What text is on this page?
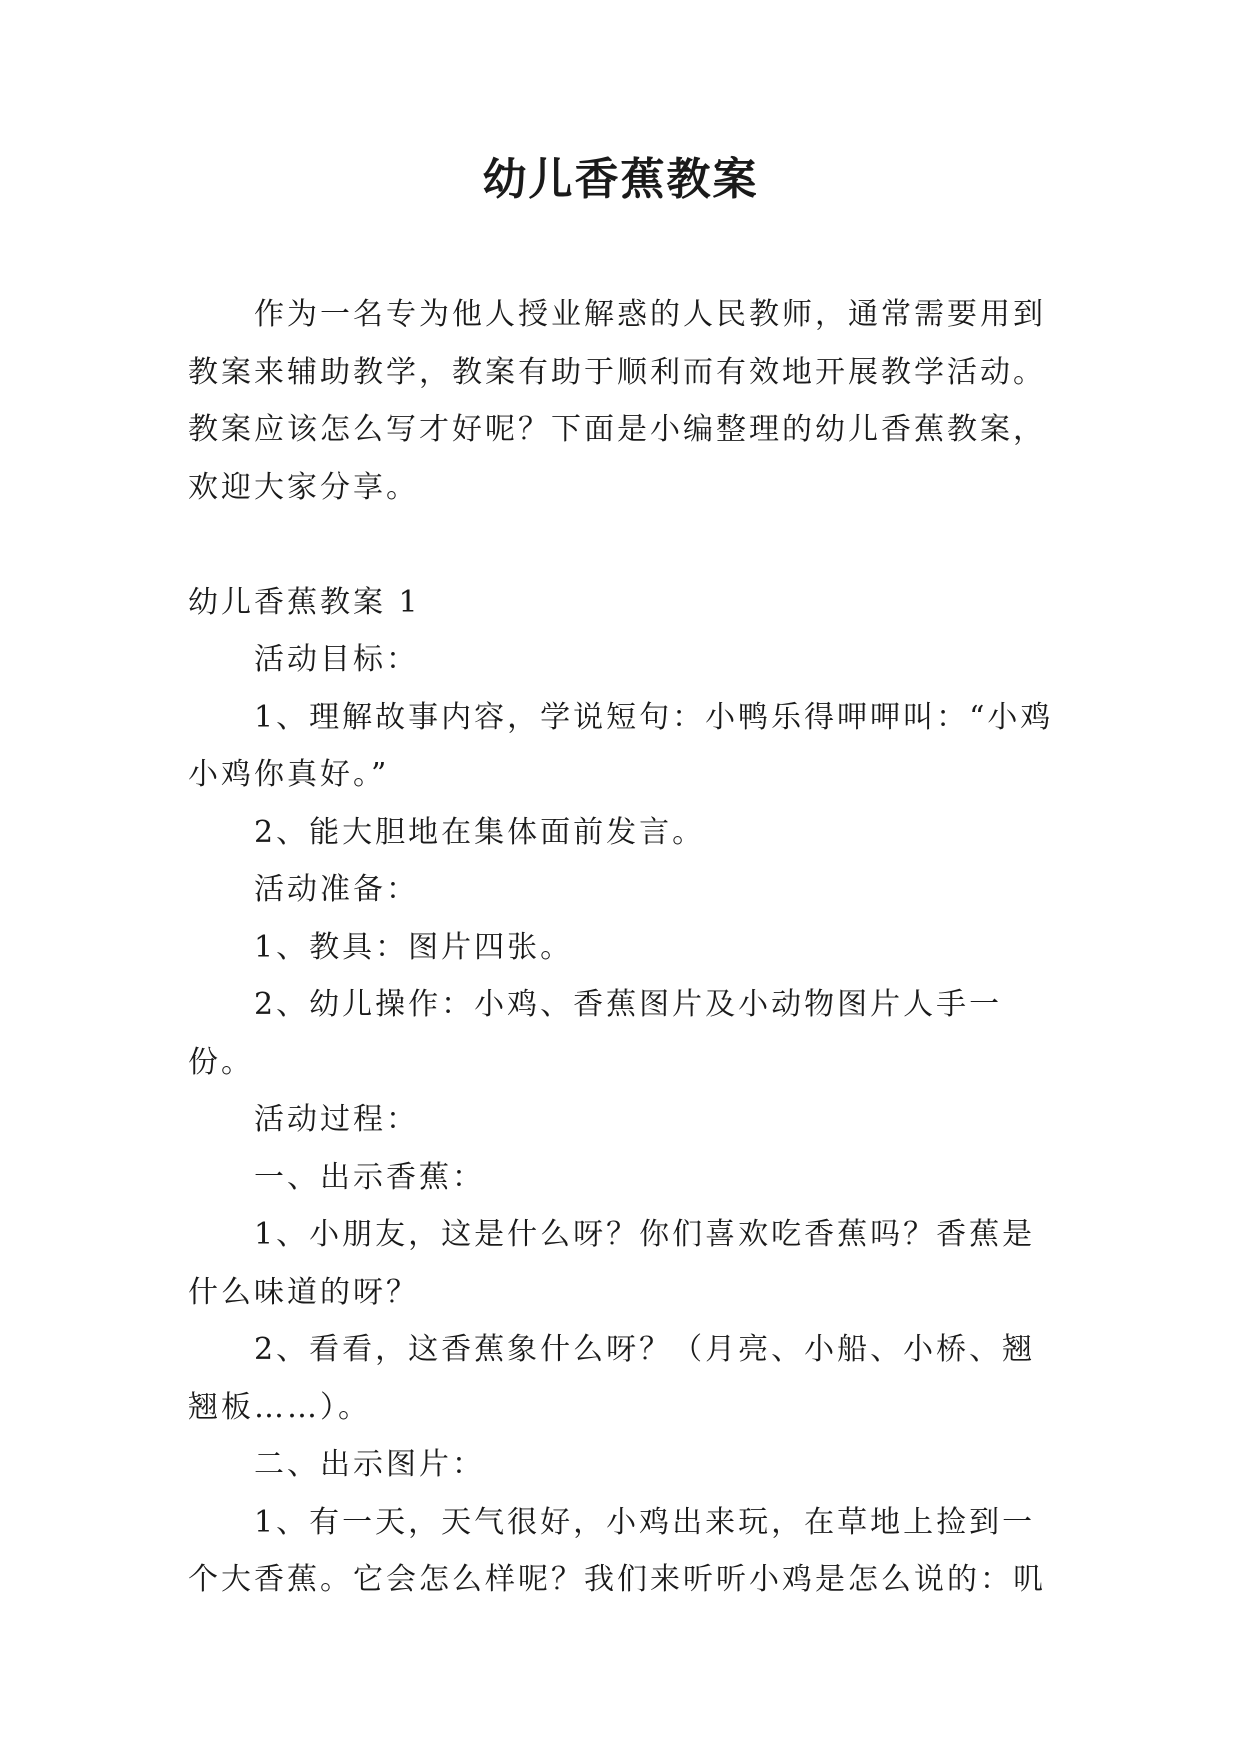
幼儿香蕉教案

作为一名专为他人授业解惑的人民教师，通常需要用到教案来辅助教学，教案有助于顺利而有效地开展教学活动。教案应该怎么写才好呢？下面是小编整理的幼儿香蕉教案，欢迎大家分享。

幼儿香蕉教案 1

活动目标：

1、理解故事内容，学说短句：小鸭乐得呷呷叫：“小鸡小鸡你真好。”

2、能大胆地在集体面前发言。

活动准备：

1、教具：图片四张。

2、幼儿操作：小鸡、香蕉图片及小动物图片人手一份。

活动过程：

一、出示香蕉：

1、小朋友，这是什么呀？你们喜欢吃香蕉吗？香蕉是什么味道的呀？

2、看看，这香蕉象什么呀？（月亮、小船、小桥、翘翘板……）。

二、出示图片：

1、有一天，天气很好，小鸡出来玩，在草地上捡到一个大香蕉。它会怎么样呢？我们来听听小鸡是怎么说的：叽
